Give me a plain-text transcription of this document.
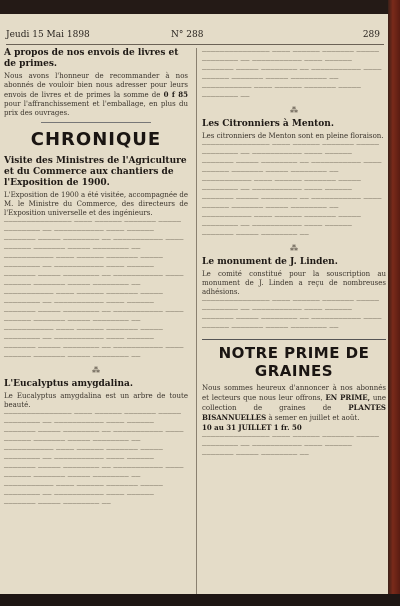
Jeudi 15 Mai 1898	N° 288	289

A propos de nos envois de livres et de primes.

Nous avons l'honneur de recommander à nos abonnés de vouloir bien nous adresser pour leurs envois de livres et de primes la somme de 0 f 85 pour l'affranchissement et l'emballage, en plus du prix des ouvrages.

CHRONIQUE

Visite des Ministres de l'Agriculture et du Commerce aux chantiers de l'Exposition de 1900.

L'Exposition de 1900 a été visitée, accompagnée de M. le Ministre du Commerce, des directeurs de l'Exposition universelle et des ingénieurs.

─────────────── ──── ────── ─────── ───── ──────── ── ─────────── ──── ────── ─────── ───── ──────── ── ─────────── ──── ────── ─────── ───── ──────── ── ─────────── ──── ────── ─────── ───── ──────── ── ─────────── ──── ────── ─────── ───── ──────── ── ─────────── ──── ────── ─────── ───── ──────── ── ─────────── ──── ────── ─────── ───── ──────── ── ─────────── ──── ────── ─────── ───── ──────── ── ─────────── ──── ────── ─────── ───── ──────── ── ─────────── ──── ────── ─────── ───── ──────── ── ─────────── ──── ────── ─────── ───── ──────── ── ─────────── ──── ────── ─────── ───── ──────── ──
⁂

L'Eucalyptus amygdalina.

Le Eucalyptus amygdalina est un arbre de toute beauté.

─────────────── ──── ────── ─────── ───── ──────── ── ─────────── ──── ────── ─────── ───── ──────── ── ─────────── ──── ────── ─────── ───── ──────── ── ─────────── ──── ────── ─────── ───── ──────── ── ─────────── ──── ────── ─────── ───── ──────── ── ─────────── ──── ────── ─────── ───── ──────── ── ─────────── ──── ────── ─────── ───── ──────── ── ─────────── ──── ────── ─────── ───── ──────── ──
─────────────── ──── ────── ─────── ───── ──────── ── ─────────── ──── ────── ─────── ───── ──────── ── ─────────── ──── ────── ─────── ───── ──────── ── ─────────── ──── ────── ─────── ───── ──────── ──
⁂

Les Citronniers à Menton.

Les citronniers de Menton sont en pleine floraison.

─────────────── ──── ────── ─────── ───── ──────── ── ─────────── ──── ────── ─────── ───── ──────── ── ─────────── ──── ────── ─────── ───── ──────── ── ─────────── ──── ────── ─────── ───── ──────── ── ─────────── ──── ────── ─────── ───── ──────── ── ─────────── ──── ────── ─────── ───── ──────── ── ─────────── ──── ────── ─────── ───── ──────── ── ─────────── ──── ────── ─────── ───── ──────── ──
⁂

Le monument de J. Linden.

Le comité constitué pour la souscription au monument de J. Linden a reçu de nombreuses adhésions.

─────────────── ──── ────── ─────── ───── ──────── ── ─────────── ──── ────── ─────── ───── ──────── ── ─────────── ──── ────── ─────── ───── ──────── ──

NOTRE PRIME DE GRAINES

Nous sommes heureux d'annoncer à nos abonnés et lecteurs que nous leur offrons, EN PRIME, une collection de graines de PLANTES BISANNUELLES à semer en juillet et août.

10 au 31 JUILLET 1 fr. 50

─────────────── ──── ────── ─────── ───── ──────── ── ─────────── ──── ────── ─────── ───── ──────── ──
